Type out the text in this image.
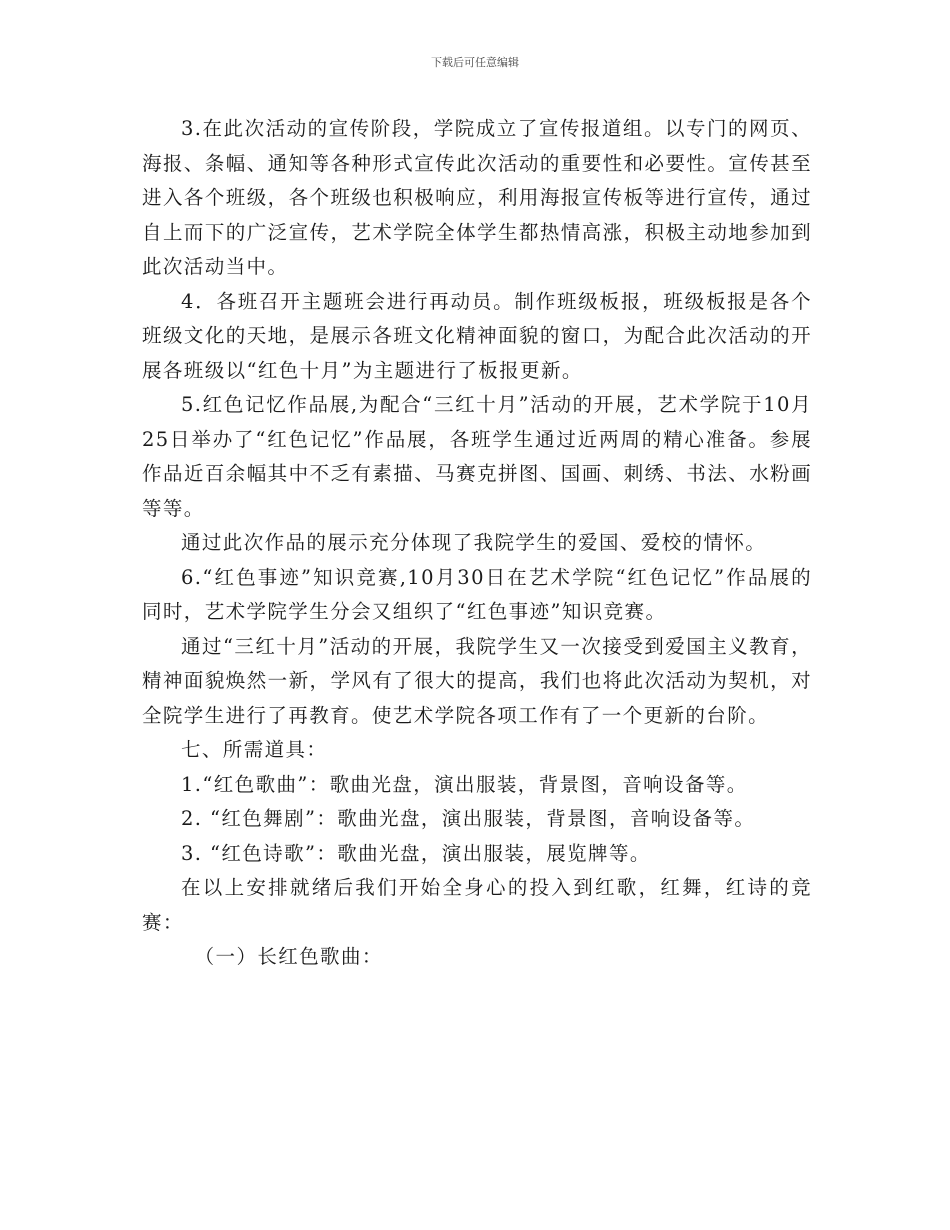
下载后可任意编辑

3.在此次活动的宣传阶段，学院成立了宣传报道组。以专门的网页、海报、条幅、通知等各种形式宣传此次活动的重要性和必要性。宣传甚至进入各个班级，各个班级也积极响应，利用海报宣传板等进行宣传，通过自上而下的广泛宣传，艺术学院全体学生都热情高涨，积极主动地参加到此次活动当中。

4．各班召开主题班会进行再动员。制作班级板报，班级板报是各个班级文化的天地，是展示各班文化精神面貌的窗口，为配合此次活动的开展各班级以“红色十月”为主题进行了板报更新。

5.红色记忆作品展,为配合“三红十月”活动的开展，艺术学院于10月25日举办了“红色记忆”作品展，各班学生通过近两周的精心准备。参展作品近百余幅其中不乏有素描、马赛克拼图、国画、刺绣、书法、水粉画等等。

通过此次作品的展示充分体现了我院学生的爱国、爱校的情怀。

6.“红色事迹”知识竞赛,10月30日在艺术学院“红色记忆”作品展的同时，艺术学院学生分会又组织了“红色事迹”知识竞赛。

通过“三红十月”活动的开展，我院学生又一次接受到爱国主义教育，精神面貌焕然一新，学风有了很大的提高，我们也将此次活动为契机，对全院学生进行了再教育。使艺术学院各项工作有了一个更新的台阶。

七、所需道具：

1.“红色歌曲”：歌曲光盘，演出服装，背景图，音响设备等。

2. “红色舞剧”：歌曲光盘，演出服装，背景图，音响设备等。

3. “红色诗歌”：歌曲光盘，演出服装，展览牌等。

在以上安排就绪后我们开始全身心的投入到红歌，红舞，红诗的竞赛：

（一）长红色歌曲：
